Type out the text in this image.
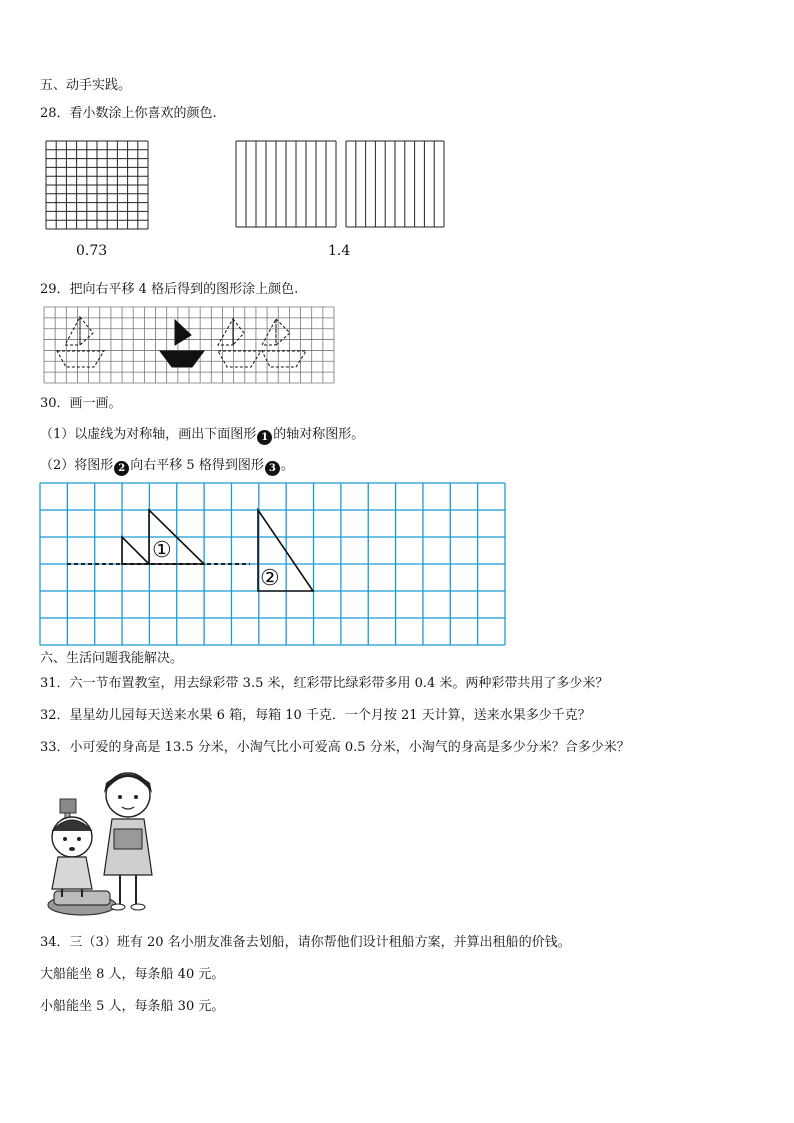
五、动手实践。
28．看小数涂上你喜欢的颜色.
0.73	1.4
29．把向右平移 4 格后得到的图形涂上颜色.
30．画一画。
（1）以虚线为对称轴，画出下面图形 1 的轴对称图形。
（2）将图形 2 向右平移 5 格得到图形 3 。
①
②
六、生活问题我能解决。
31．六一节布置教室，用去绿彩带 3.5 米，红彩带比绿彩带多用 0.4 米。两种彩带共用了多少米？
32．星星幼儿园每天送来水果 6 箱，每箱 10 千克．一个月按 21 天计算，送来水果多少千克？
33．小可爱的身高是 13.5 分米，小淘气比小可爱高 0.5 分米，小淘气的身高是多少分米？合多少米？
34．三（3）班有 20 名小朋友准备去划船，请你帮他们设计租船方案，并算出租船的价钱。
大船能坐 8 人，每条船 40 元。
小船能坐 5 人，每条船 30 元。
